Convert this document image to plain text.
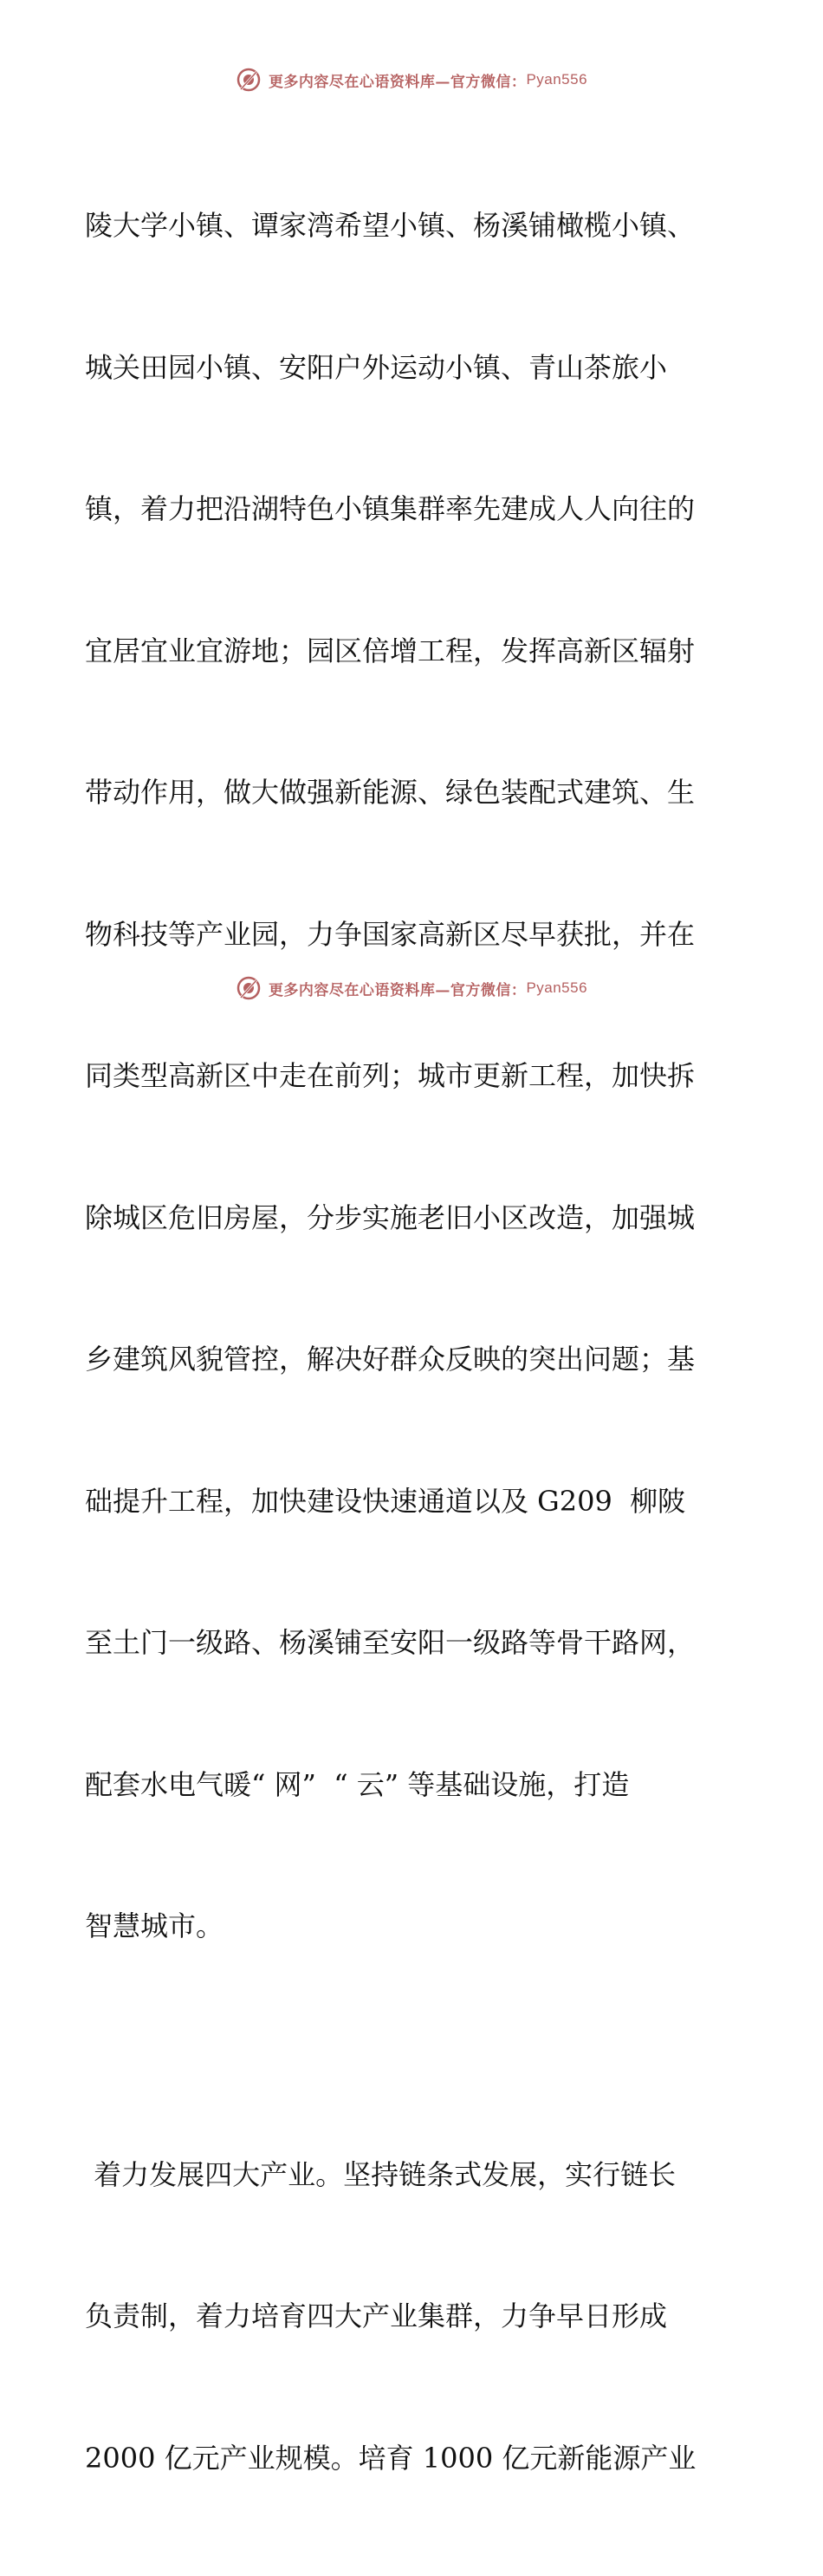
更多内容尽在心语资料库—官方微信： Pyan556

陵大学小镇、谭家湾希望小镇、杨溪铺橄榄小镇、

城关田园小镇、安阳户外运动小镇、青山茶旅小

镇，着力把沿湖特色小镇集群率先建成人人向往的

宜居宜业宜游地；园区倍增工程，发挥高新区辐射

带动作用，做大做强新能源、绿色装配式建筑、生

物科技等产业园，力争国家高新区尽早获批，并在

同类型高新区中走在前列；城市更新工程，加快拆

除城区危旧房屋，分步实施老旧小区改造，加强城

乡建筑风貌管控，解决好群众反映的突出问题；基

础提升工程，加快建设快速通道以及 G209  柳陂

至土门一级路、杨溪铺至安阳一级路等骨干路网，

配套水电气暖“ 网”  “ 云” 等基础设施，打造

智慧城市。

着力发展四大产业。坚持链条式发展，实行链长

负责制，着力培育四大产业集群，力争早日形成

2000 亿元产业规模。培育 1000 亿元新能源产业

更多内容尽在心语资料库—官方微信： Pyan556
